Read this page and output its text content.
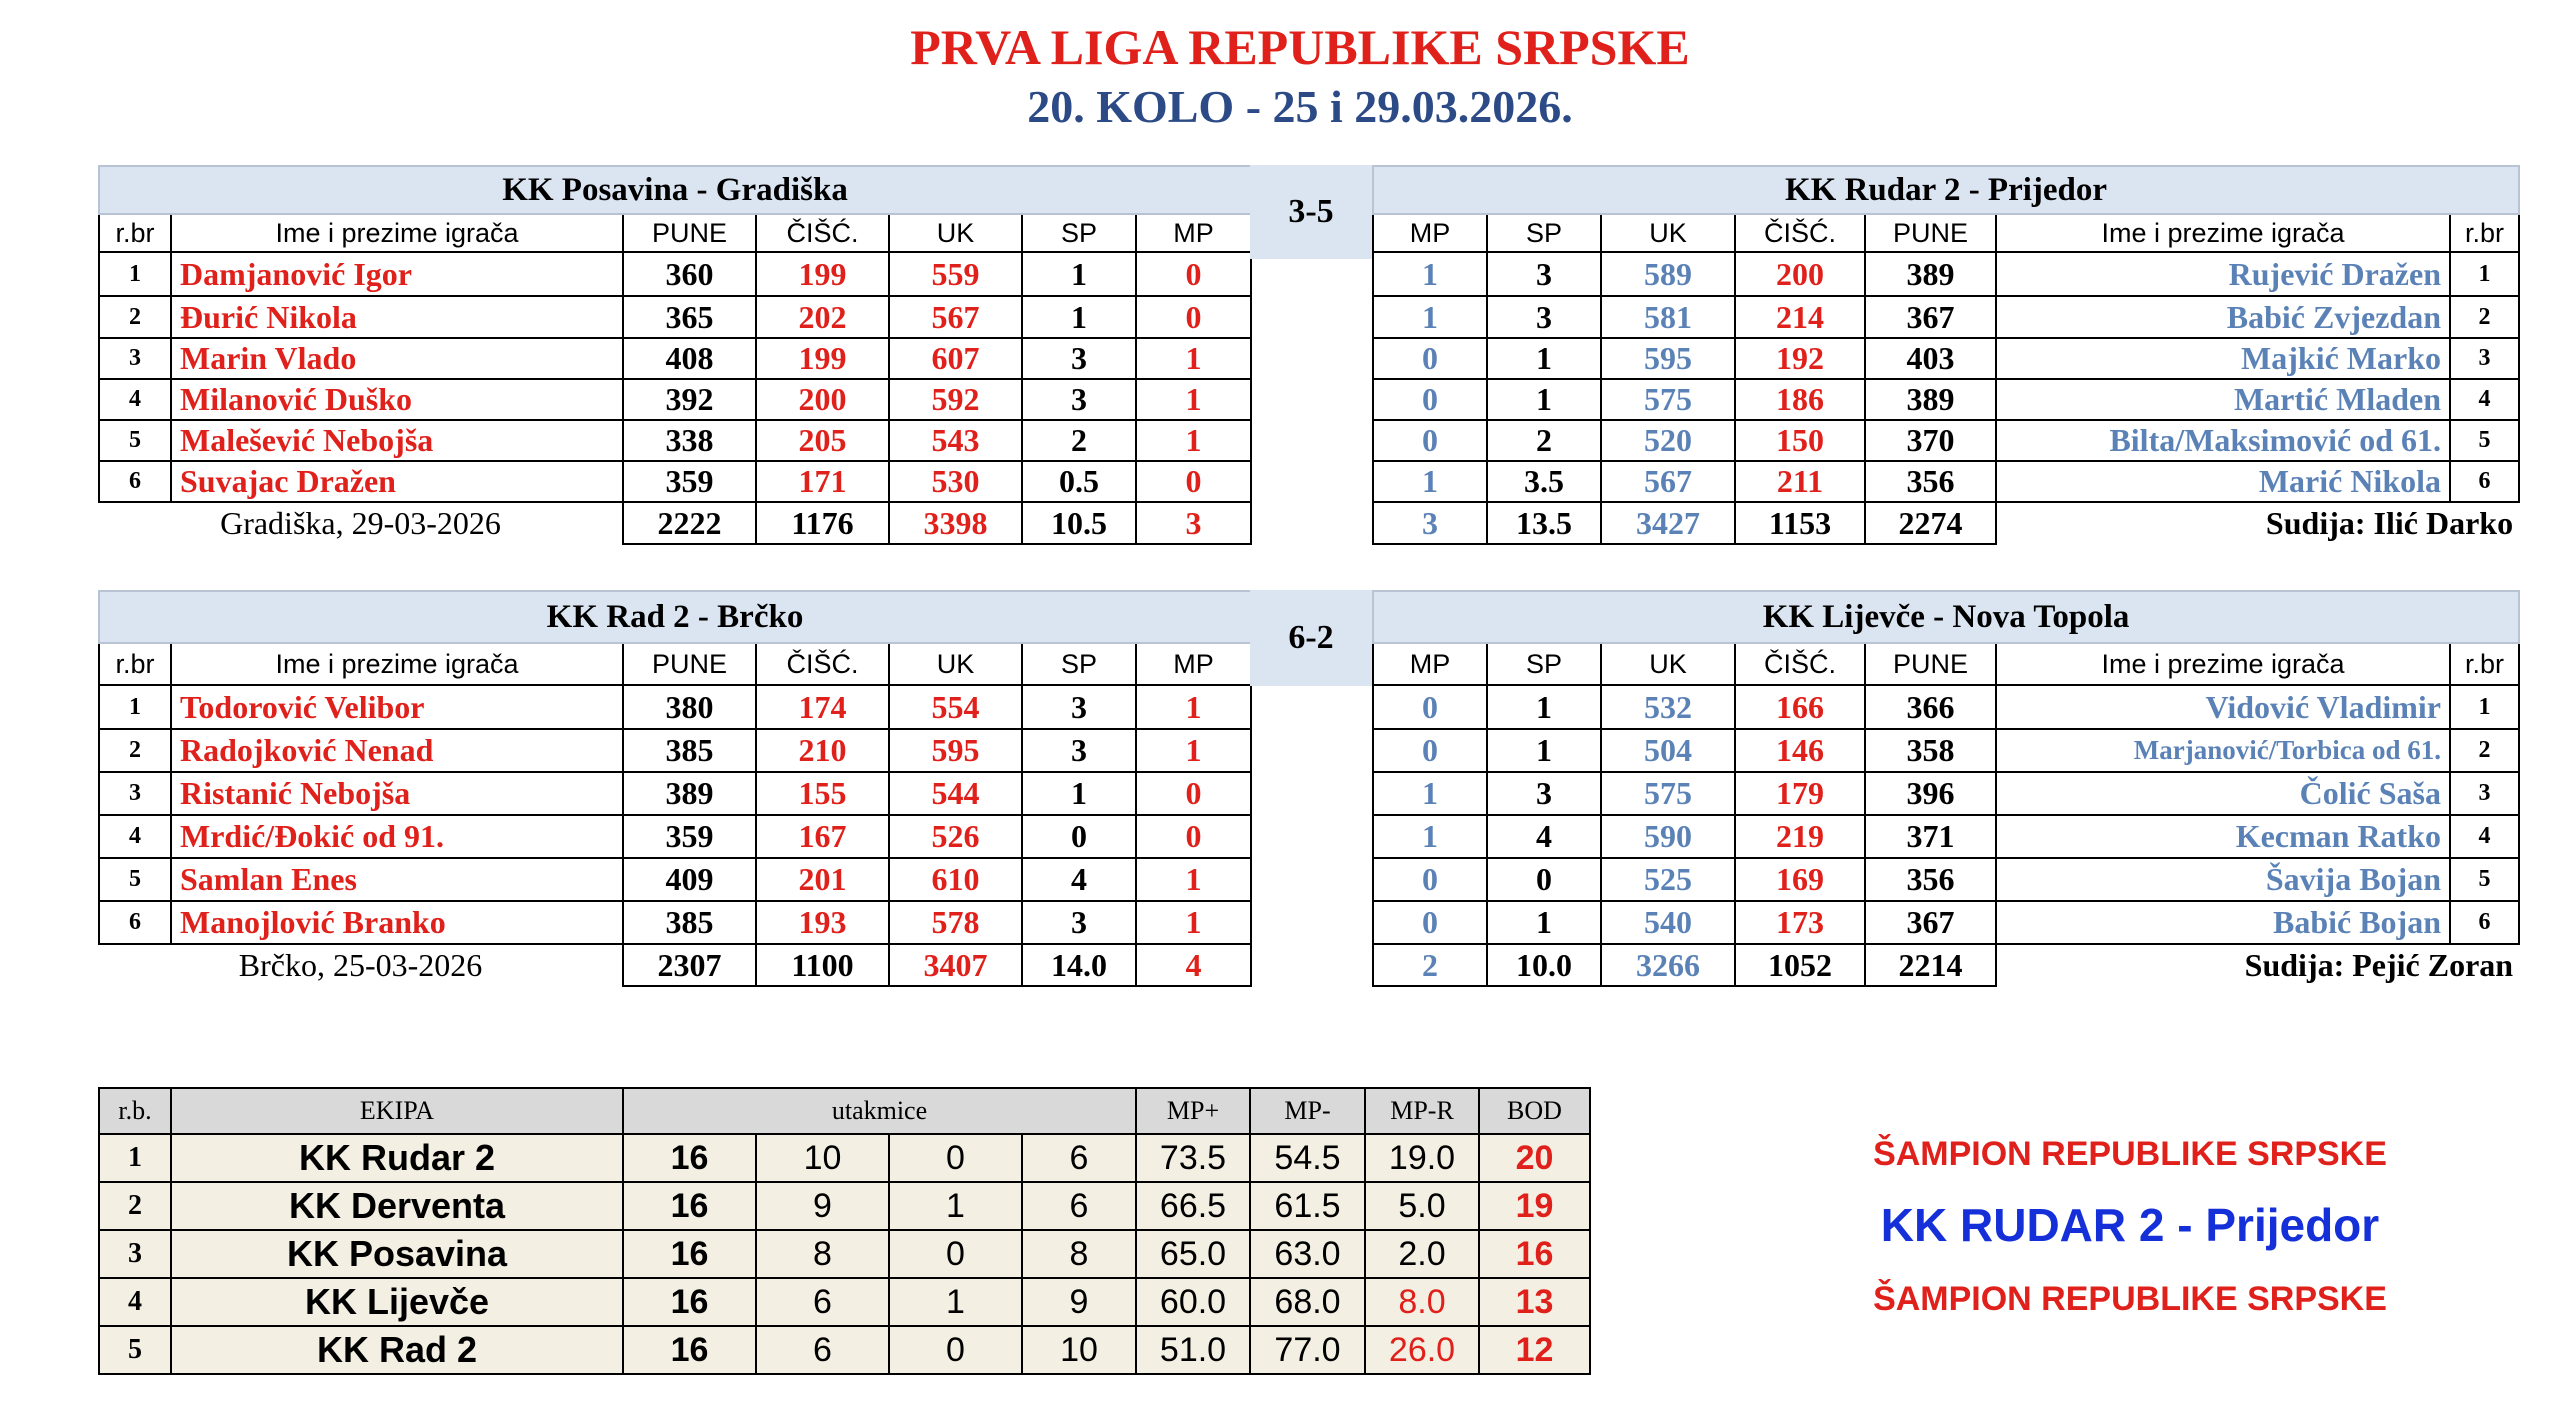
PRVA LIGA REPUBLIKE SRPSKE
20. KOLO - 25 i 29.03.2026.
KK Posavina - Gradiška						
r.br	Ime i prezime igrača	PUNE	ČIŠĆ.	UK	SP	MP
1	Damjanović Igor	360	199	559	1	0
2	Đurić Nikola	365	202	567	1	0
3	Marin Vlado	408	199	607	3	1
4	Milanović Duško	392	200	592	3	1
5	Malešević Nebojša	338	205	543	2	1
6	Suvajac Dražen	359	171	530	0.5	0
Gradiška, 29-03-2026		2222	1176	3398	10.5	3
3-5
KK Rudar 2 - Prijedor						
MP	SP	UK	ČIŠĆ.	PUNE	Ime i prezime igrača	r.br
1	3	589	200	389	Rujević Dražen	1
1	3	581	214	367	Babić Zvjezdan	2
0	1	595	192	403	Majkić Marko	3
0	1	575	186	389	Martić Mladen	4
0	2	520	150	370	Bilta/Maksimović od 61.	5
1	3.5	567	211	356	Marić Nikola	6
3	13.5	3427	1153	2274	Sudija: Ilić Darko	
KK Rad 2 - Brčko						
r.br	Ime i prezime igrača	PUNE	ČIŠĆ.	UK	SP	MP
1	Todorović Velibor	380	174	554	3	1
2	Radojković Nenad	385	210	595	3	1
3	Ristanić Nebojša	389	155	544	1	0
4	Mrdić/Đokić od 91.	359	167	526	0	0
5	Samlan Enes	409	201	610	4	1
6	Manojlović Branko	385	193	578	3	1
Brčko, 25-03-2026		2307	1100	3407	14.0	4
6-2
KK Lijevče - Nova Topola						
MP	SP	UK	ČIŠĆ.	PUNE	Ime i prezime igrača	r.br
0	1	532	166	366	Vidović Vladimir	1
0	1	504	146	358	Marjanović/Torbica od 61.	2
1	3	575	179	396	Čolić Saša	3
1	4	590	219	371	Kecman Ratko	4
0	0	525	169	356	Šavija Bojan	5
0	1	540	173	367	Babić Bojan	6
2	10.0	3266	1052	2214	Sudija: Pejić Zoran	
r.b.	EKIPA	utakmice				MP+	MP-	MP-R	BOD
1	KK Rudar 2	16	10	0	6	73.5	54.5	19.0	20
2	KK Derventa	16	9	1	6	66.5	61.5	5.0	19
3	KK Posavina	16	8	0	8	65.0	63.0	2.0	16
4	KK Lijevče	16	6	1	9	60.0	68.0	8.0	13
5	KK Rad 2	16	6	0	10	51.0	77.0	26.0	12
ŠAMPION REPUBLIKE SRPSKE
KK RUDAR 2 - Prijedor
ŠAMPION REPUBLIKE SRPSKE
